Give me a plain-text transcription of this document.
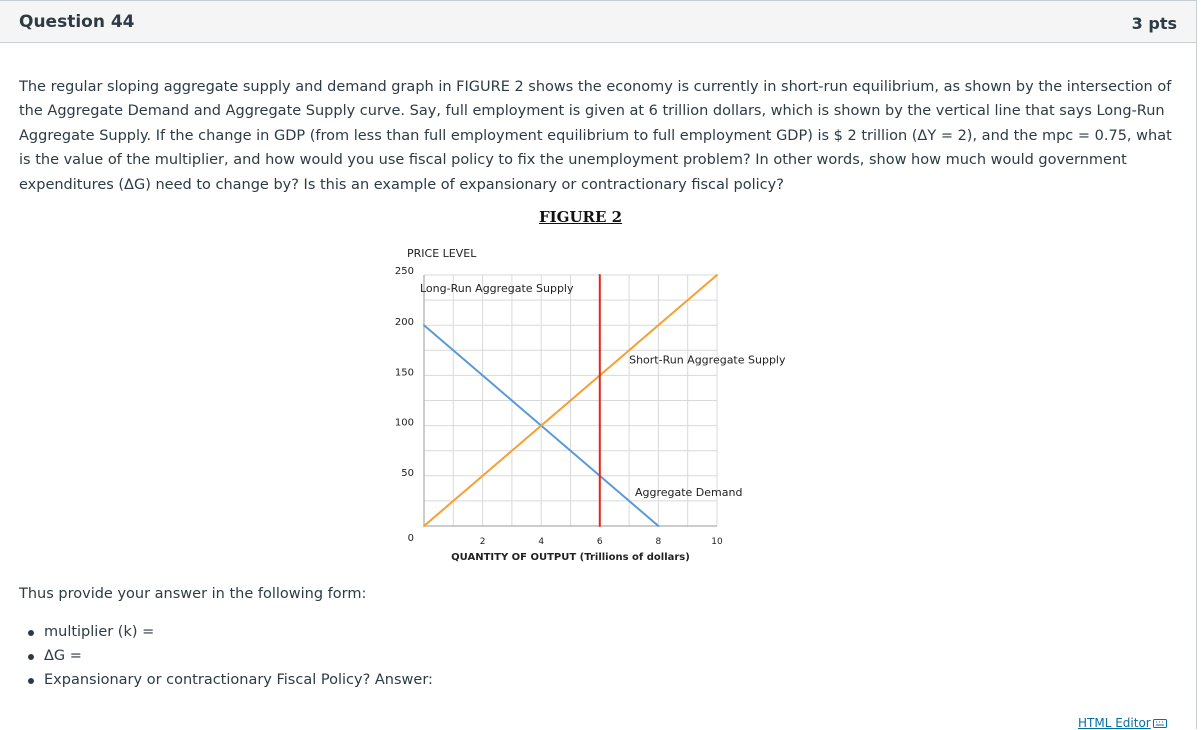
Question 44	3 pts

The regular sloping aggregate supply and demand graph in FIGURE 2 shows the economy is currently in short-run equilibrium, as shown by the intersection of the Aggregate Demand and Aggregate Supply curve. Say, full employment is given at 6 trillion dollars, which is shown by the vertical line that says Long-Run Aggregate Supply. If the change in GDP (from less than full employment equilibrium to full employment GDP) is $ 2 trillion (ΔY = 2), and the mpc = 0.75, what is the value of the multiplier, and how would you use fiscal policy to fix the unemployment problem? In other words, show how much would government expenditures (ΔG) need to change by? Is this an example of expansionary or contractionary fiscal policy?

FIGURE 2
PRICE LEVEL
250
200
150
100
50
0	2	4	6	8	10
QUANTITY OF OUTPUT (Trillions of dollars)
Aggregate Demand
Short-Run Aggregate Supply
Long-Run Aggregate Supply
Thus provide your answer in the following form:
multiplier (k) =
ΔG =
Expansionary or contractionary Fiscal Policy? Answer:
HTML Editor
